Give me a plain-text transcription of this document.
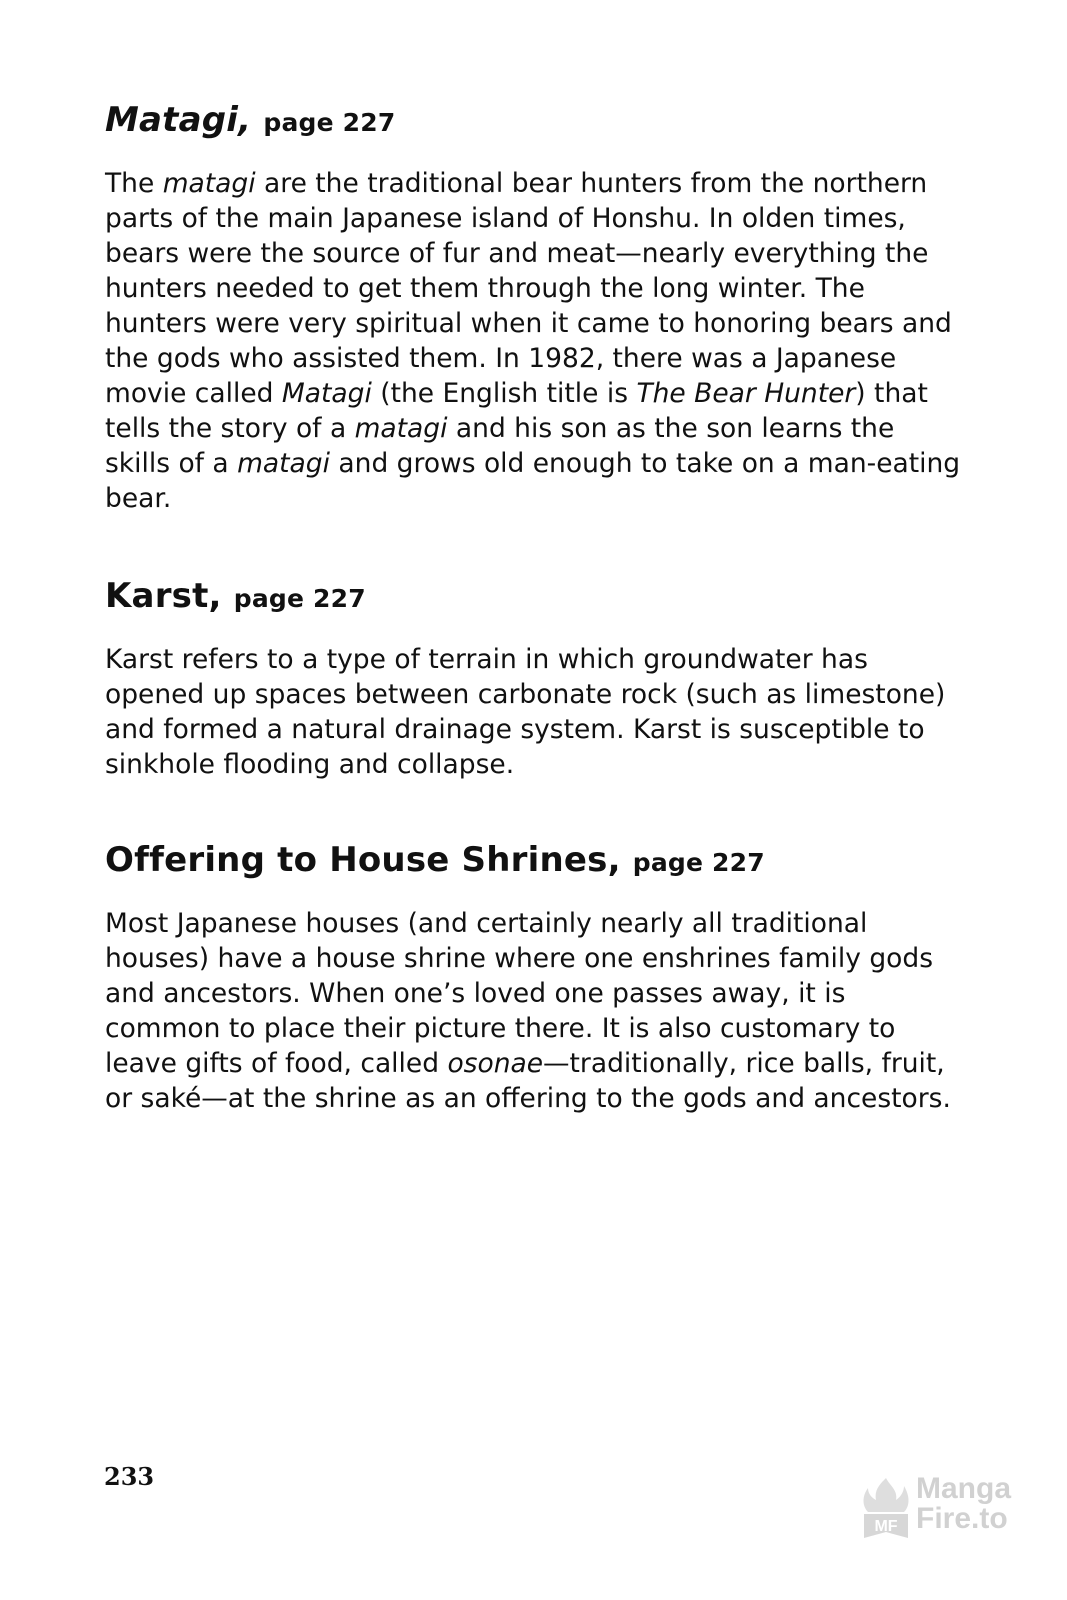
Matagi, page 227

The matagi are the traditional bear hunters from the northern parts of the main Japanese island of Honshu. In olden times, bears were the source of fur and meat—nearly everything the hunters needed to get them through the long winter. The hunters were very spiritual when it came to honoring bears and the gods who assisted them. In 1982, there was a Japanese movie called Matagi (the English title is The Bear Hunter) that tells the story of a matagi and his son as the son learns the skills of a matagi and grows old enough to take on a man-eating bear.

Karst, page 227

Karst refers to a type of terrain in which groundwater has opened up spaces between carbonate rock (such as limestone) and formed a natural drainage system. Karst is susceptible to sinkhole flooding and collapse.

Offering to House Shrines, page 227

Most Japanese houses (and certainly nearly all traditional houses) have a house shrine where one enshrines family gods and ancestors. When one’s loved one passes away, it is common to place their picture there. It is also customary to leave gifts of food, called osonae—traditionally, rice balls, fruit, or saké—at the shrine as an offering to the gods and ancestors.

233

MF

Manga
Fire.to
